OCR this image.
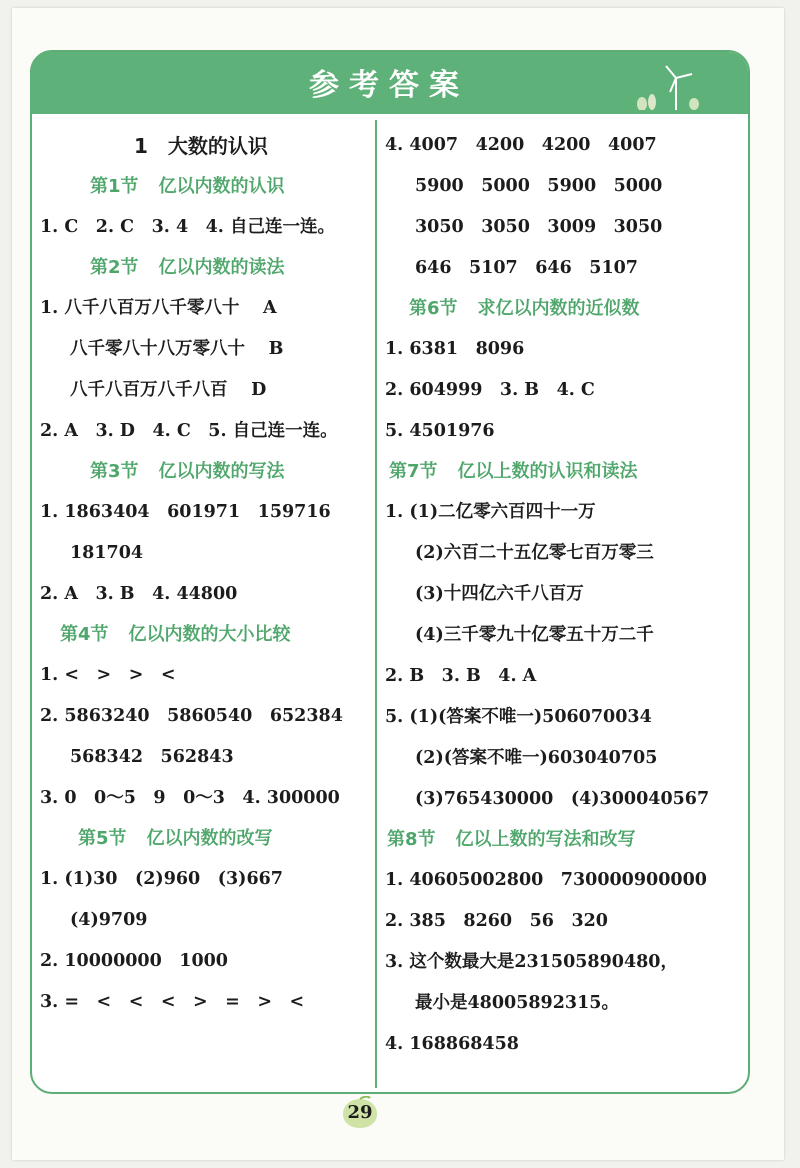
参考答案
1　大数的认识
第1节 亿以内数的认识
1. C　2. C　3. 4　4. 自己连一连。
第2节 亿以内数的读法
1. 八千八百万八千零八十　 A
八千零八十八万零八十　 B
八千八百万八千八百　 D
2. A　3. D　4. C　5. 自己连一连。
第3节 亿以内数的写法
1. 1863404　601971　159716
181704
2. A　3. B　4. 44800
第4节 亿以内数的大小比较
1. <　>　>　<
2. 5863240　5860540　652384
568342　562843
3. 0　0～5　9　0～3　4. 300000
第5节 亿以内数的改写
1. (1)30　(2)960　(3)667
(4)9709
2. 10000000　1000
3. =　<　<　<　>　=　>　<
4. 4007　4200　4200　4007
5900　5000　5900　5000
3050　3050　3009　3050
646　5107　646　5107
第6节 求亿以内数的近似数
1. 6381　8096
2. 604999　3. B　4. C
5. 4501976
第7节 亿以上数的认识和读法
1. (1)二亿零六百四十一万
(2)六百二十五亿零七百万零三
(3)十四亿六千八百万
(4)三千零九十亿零五十万二千
2. B　3. B　4. A
5. (1)(答案不唯一)506070034
(2)(答案不唯一)603040705
(3)765430000　(4)300040567
第8节 亿以上数的写法和改写
1. 40605002800　730000900000
2. 385　8260　56　320
3. 这个数最大是231505890480，
最小是48005892315。
4. 168868458
29
